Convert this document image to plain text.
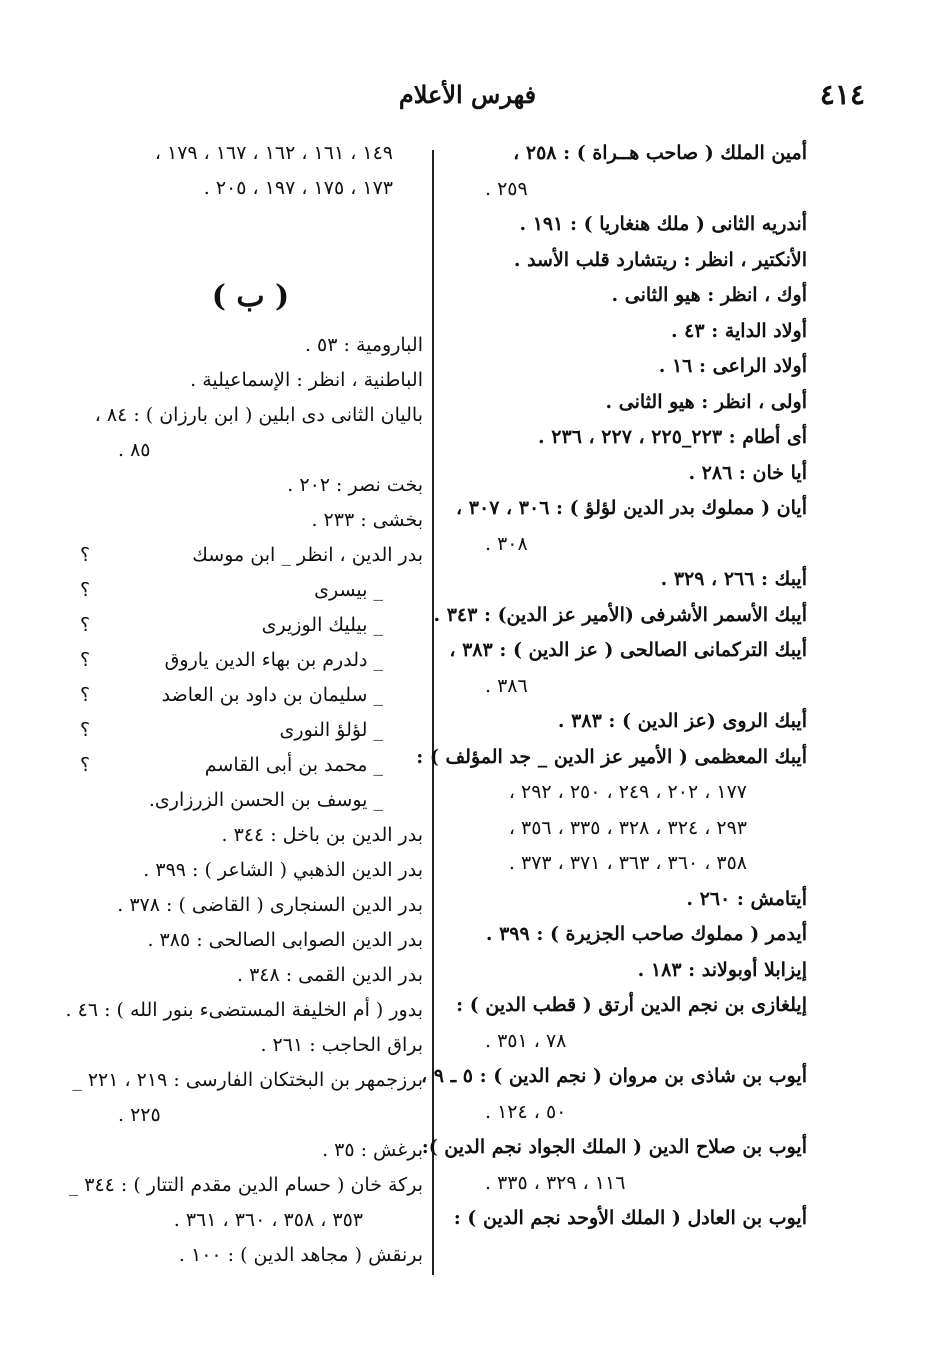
٤١٤
فهرس الأعلام
أمين الملك ( صاحب هــراة ) : ٢٥٨ ،
٢٥٩ .
أندريه الثانى ( ملك هنغاريا ) : ١٩١ .
الأنكتير ، انظر : ريتشارد قلب الأسد .
أوك ، انظر : هيو الثانى .
أولاد الداية : ٤٣ .
أولاد الراعى : ١٦ .
أولى ، انظر : هيو الثانى .
أى أطام : ٢٢٣_٢٢٥ ، ٢٢٧ ، ٢٣٦ .
أيا خان : ٢٨٦ .
أيان ( مملوك بدر الدين لؤلؤ ) : ٣٠٦ ، ٣٠٧ ،
٣٠٨ .
أيبك : ٢٦٦ ، ٣٢٩ .
أيبك الأسمر الأشرفى (الأمير عز الدين) : ٣٤٣ .
أيبك التركمانى الصالحى ( عز الدين ) : ٣٨٣ ،
٣٨٦ .
أيبك الروى (عز الدين ) : ٣٨٣ .
أيبك المعظمى ( الأمير عز الدين _ جد المؤلف ) :
١٧٧ ، ٢٠٢ ، ٢٤٩ ، ٢٥٠ ، ٢٩٢ ،
٢٩٣ ، ٣٢٤ ، ٣٢٨ ، ٣٣٥ ، ٣٥٦ ،
٣٥٨ ، ٣٦٠ ، ٣٦٣ ، ٣٧١ ، ٣٧٣ .
أيتامش : ٢٦٠ .
أيدمر ( مملوك صاحب الجزيرة ) : ٣٩٩ .
إيزابلا أوبولاند : ١٨٣ .
إيلغازى بن نجم الدين أرتق ( قطب الدين ) :
٧٨ ، ٣٥١ .
أيوب بن شاذى بن مروان ( نجم الدين ) : ٥ ـ ٩ ،
٥٠ ، ١٢٤ .
أيوب بن صلاح الدين ( الملك الجواد نجم الدين ):
١١٦ ، ٣٢٩ ، ٣٣٥ .
أيوب بن العادل ( الملك الأوحد نجم الدين ) :
١٤٩ ، ١٦١ ، ١٦٢ ، ١٦٧ ، ١٧٩ ،
١٧٣ ، ١٧٥ ، ١٩٧ ، ٢٠٥ .
( ب )
البارومية : ٥٣ .
الباطنية ، انظر : الإسماعيلية .
باليان الثانى دى ابلين ( ابن بارزان ) : ٨٤ ،
٨٥ .
بخت نصر : ٢٠٢ .
بخشى : ٢٣٣ .
بدر الدين ، انظر _ ابن موسك
؟
_ بيسرى
؟
_ بيليك الوزيرى
؟
_ دلدرم بن بهاء الدين ياروق
؟
_ سليمان بن داود بن العاضد
؟
_ لؤلؤ النورى
؟
_ محمد بن أبى القاسم
؟
_ يوسف بن الحسن الزرزارى.
بدر الدين بن باخل : ٣٤٤ .
بدر الدين الذهبي ( الشاعر ) : ٣٩٩ .
بدر الدين السنجارى ( القاضى ) : ٣٧٨ .
بدر الدين الصوابى الصالحى : ٣٨٥ .
بدر الدين القمى : ٣٤٨ .
بدور ( أم الخليفة المستضىء بنور الله ) : ٤٦ .
براق الحاجب : ٢٦١ .
برزجمهر بن البختكان الفارسى : ٢١٩ ، ٢٢١ _
٢٢٥ .
برغش : ٣٥ .
بركة خان ( حسام الدين مقدم التتار ) : ٣٤٤ _
٣٥٣ ، ٣٥٨ ، ٣٦٠ ، ٣٦١ .
برنقش ( مجاهد الدين ) : ١٠٠ .
